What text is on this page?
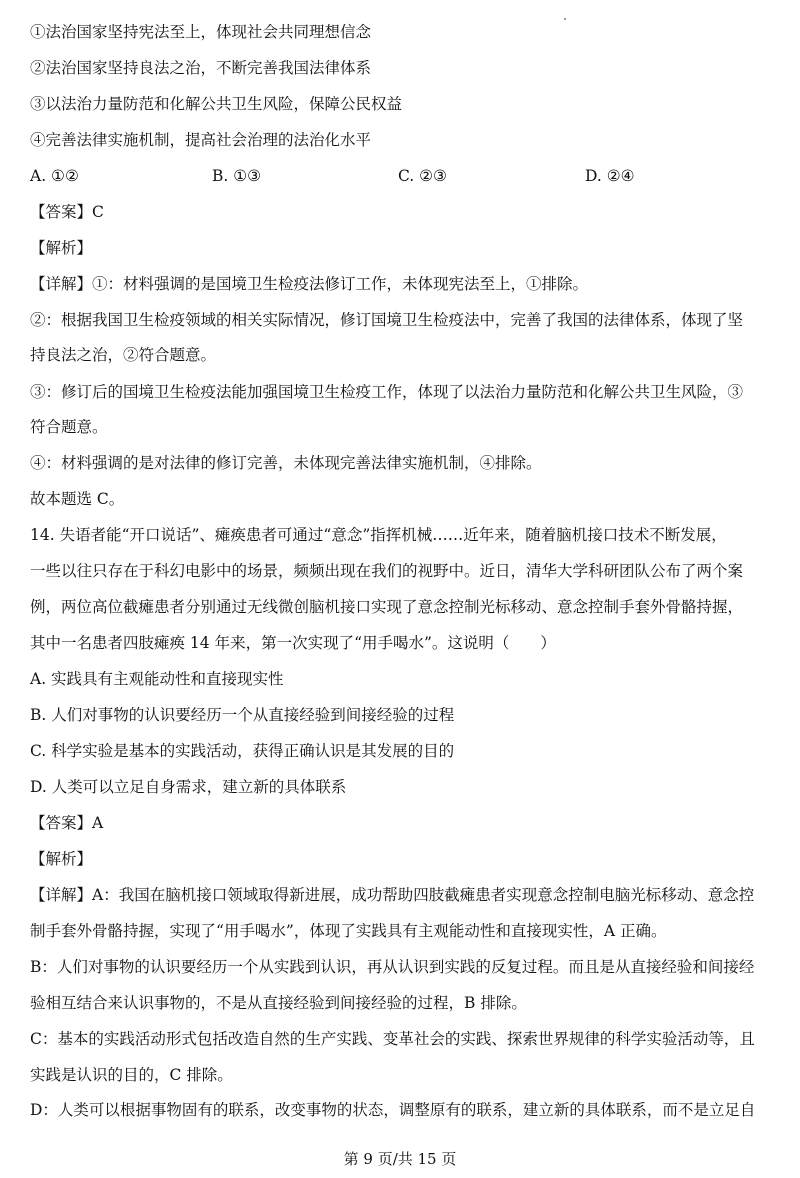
①法治国家坚持宪法至上，体现社会共同理想信念
②法治国家坚持良法之治，不断完善我国法律体系
③以法治力量防范和化解公共卫生风险，保障公民权益
④完善法律实施机制，提高社会治理的法治化水平
A. ①②	B. ①③	C. ②③	D. ②④
【答案】C
【解析】
【详解】①：材料强调的是国境卫生检疫法修订工作，未体现宪法至上，①排除。
②：根据我国卫生检疫领域的相关实际情况，修订国境卫生检疫法中，完善了我国的法律体系，体现了坚
持良法之治，②符合题意。
③：修订后的国境卫生检疫法能加强国境卫生检疫工作，体现了以法治力量防范和化解公共卫生风险，③
符合题意。
④：材料强调的是对法律的修订完善，未体现完善法律实施机制，④排除。
故本题选 C。
14. 失语者能“开口说话”、瘫痪患者可通过“意念”指挥机械……近年来，随着脑机接口技术不断发展，
一些以往只存在于科幻电影中的场景，频频出现在我们的视野中。近日，清华大学科研团队公布了两个案
例，两位高位截瘫患者分别通过无线微创脑机接口实现了意念控制光标移动、意念控制手套外骨骼持握，
其中一名患者四肢瘫痪 14 年来，第一次实现了“用手喝水”。这说明（　　）
A. 实践具有主观能动性和直接现实性
B. 人们对事物的认识要经历一个从直接经验到间接经验的过程
C. 科学实验是基本的实践活动，获得正确认识是其发展的目的
D. 人类可以立足自身需求，建立新的具体联系
【答案】A
【解析】
【详解】A：我国在脑机接口领域取得新进展，成功帮助四肢截瘫患者实现意念控制电脑光标移动、意念控
制手套外骨骼持握，实现了“用手喝水”，体现了实践具有主观能动性和直接现实性，A 正确。
B：人们对事物的认识要经历一个从实践到认识，再从认识到实践的反复过程。而且是从直接经验和间接经
验相互结合来认识事物的，不是从直接经验到间接经验的过程，B 排除。
C：基本的实践活动形式包括改造自然的生产实践、变革社会的实践、探索世界规律的科学实验活动等，且
实践是认识的目的，C 排除。
D：人类可以根据事物固有的联系，改变事物的状态，调整原有的联系，建立新的具体联系，而不是立足自
第 9 页/共 15 页
